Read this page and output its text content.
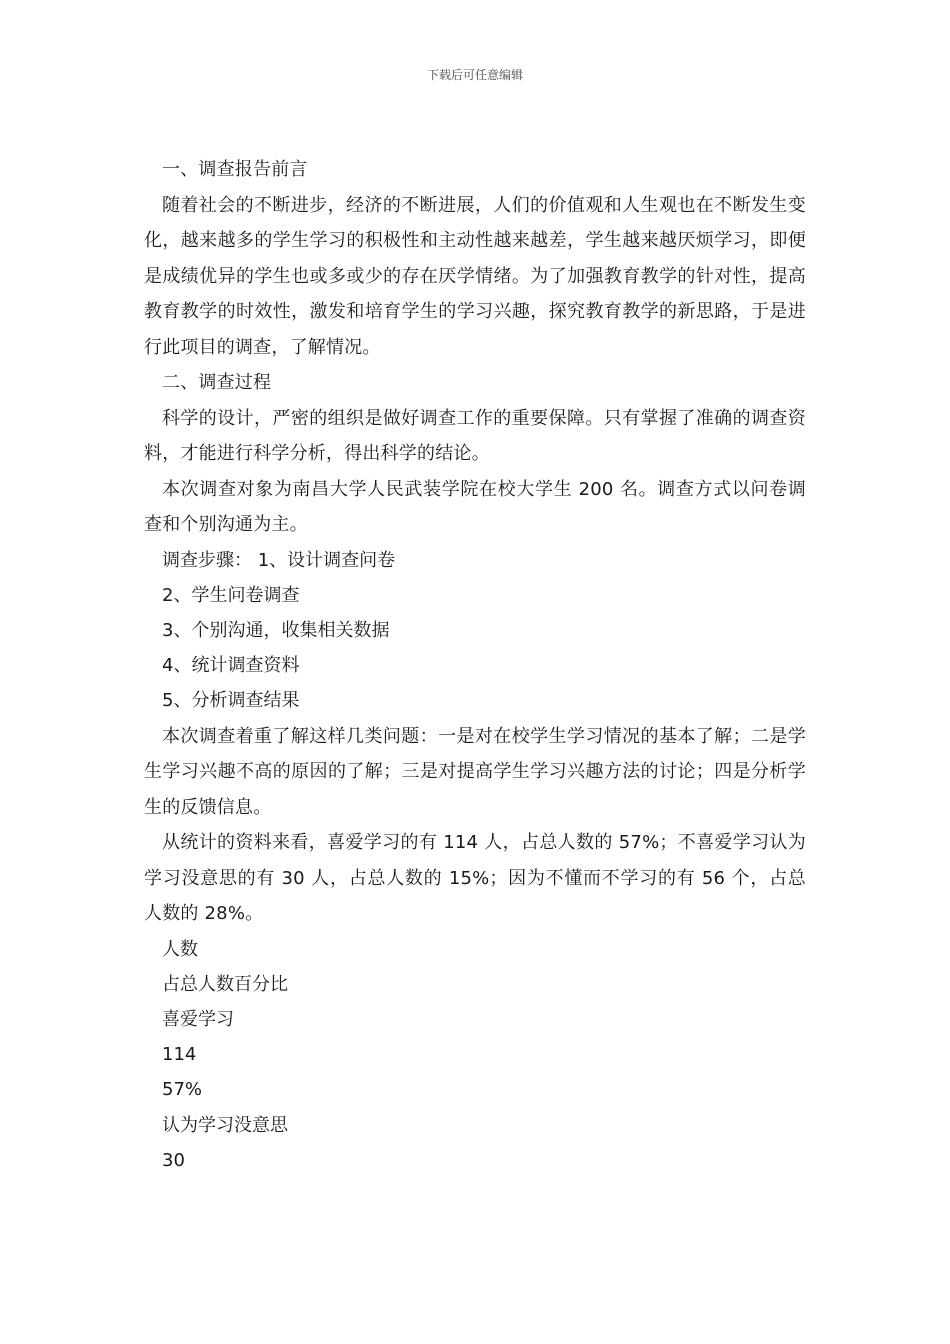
下载后可任意编辑

一、调查报告前言

随着社会的不断进步，经济的不断进展，人们的价值观和人生观也在不断发生变化，越来越多的学生学习的积极性和主动性越来越差，学生越来越厌烦学习，即便是成绩优异的学生也或多或少的存在厌学情绪。为了加强教育教学的针对性，提高教育教学的时效性，激发和培育学生的学习兴趣，探究教育教学的新思路，于是进行此项目的调查，了解情况。

二、调查过程

科学的设计，严密的组织是做好调查工作的重要保障。只有掌握了准确的调查资料，才能进行科学分析，得出科学的结论。

本次调查对象为南昌大学人民武装学院在校大学生 200 名。调查方式以问卷调查和个别沟通为主。

调查步骤： 1、设计调查问卷

2、学生问卷调查

3、个别沟通，收集相关数据

4、统计调查资料

5、分析调查结果

本次调查着重了解这样几类问题：一是对在校学生学习情况的基本了解；二是学生学习兴趣不高的原因的了解；三是对提高学生学习兴趣方法的讨论；四是分析学生的反馈信息。

从统计的资料来看，喜爱学习的有 114 人，占总人数的 57%；不喜爱学习认为学习没意思的有 30 人，占总人数的 15%；因为不懂而不学习的有 56 个，占总人数的 28%。

人数

占总人数百分比

喜爱学习

114

57%

认为学习没意思

30
